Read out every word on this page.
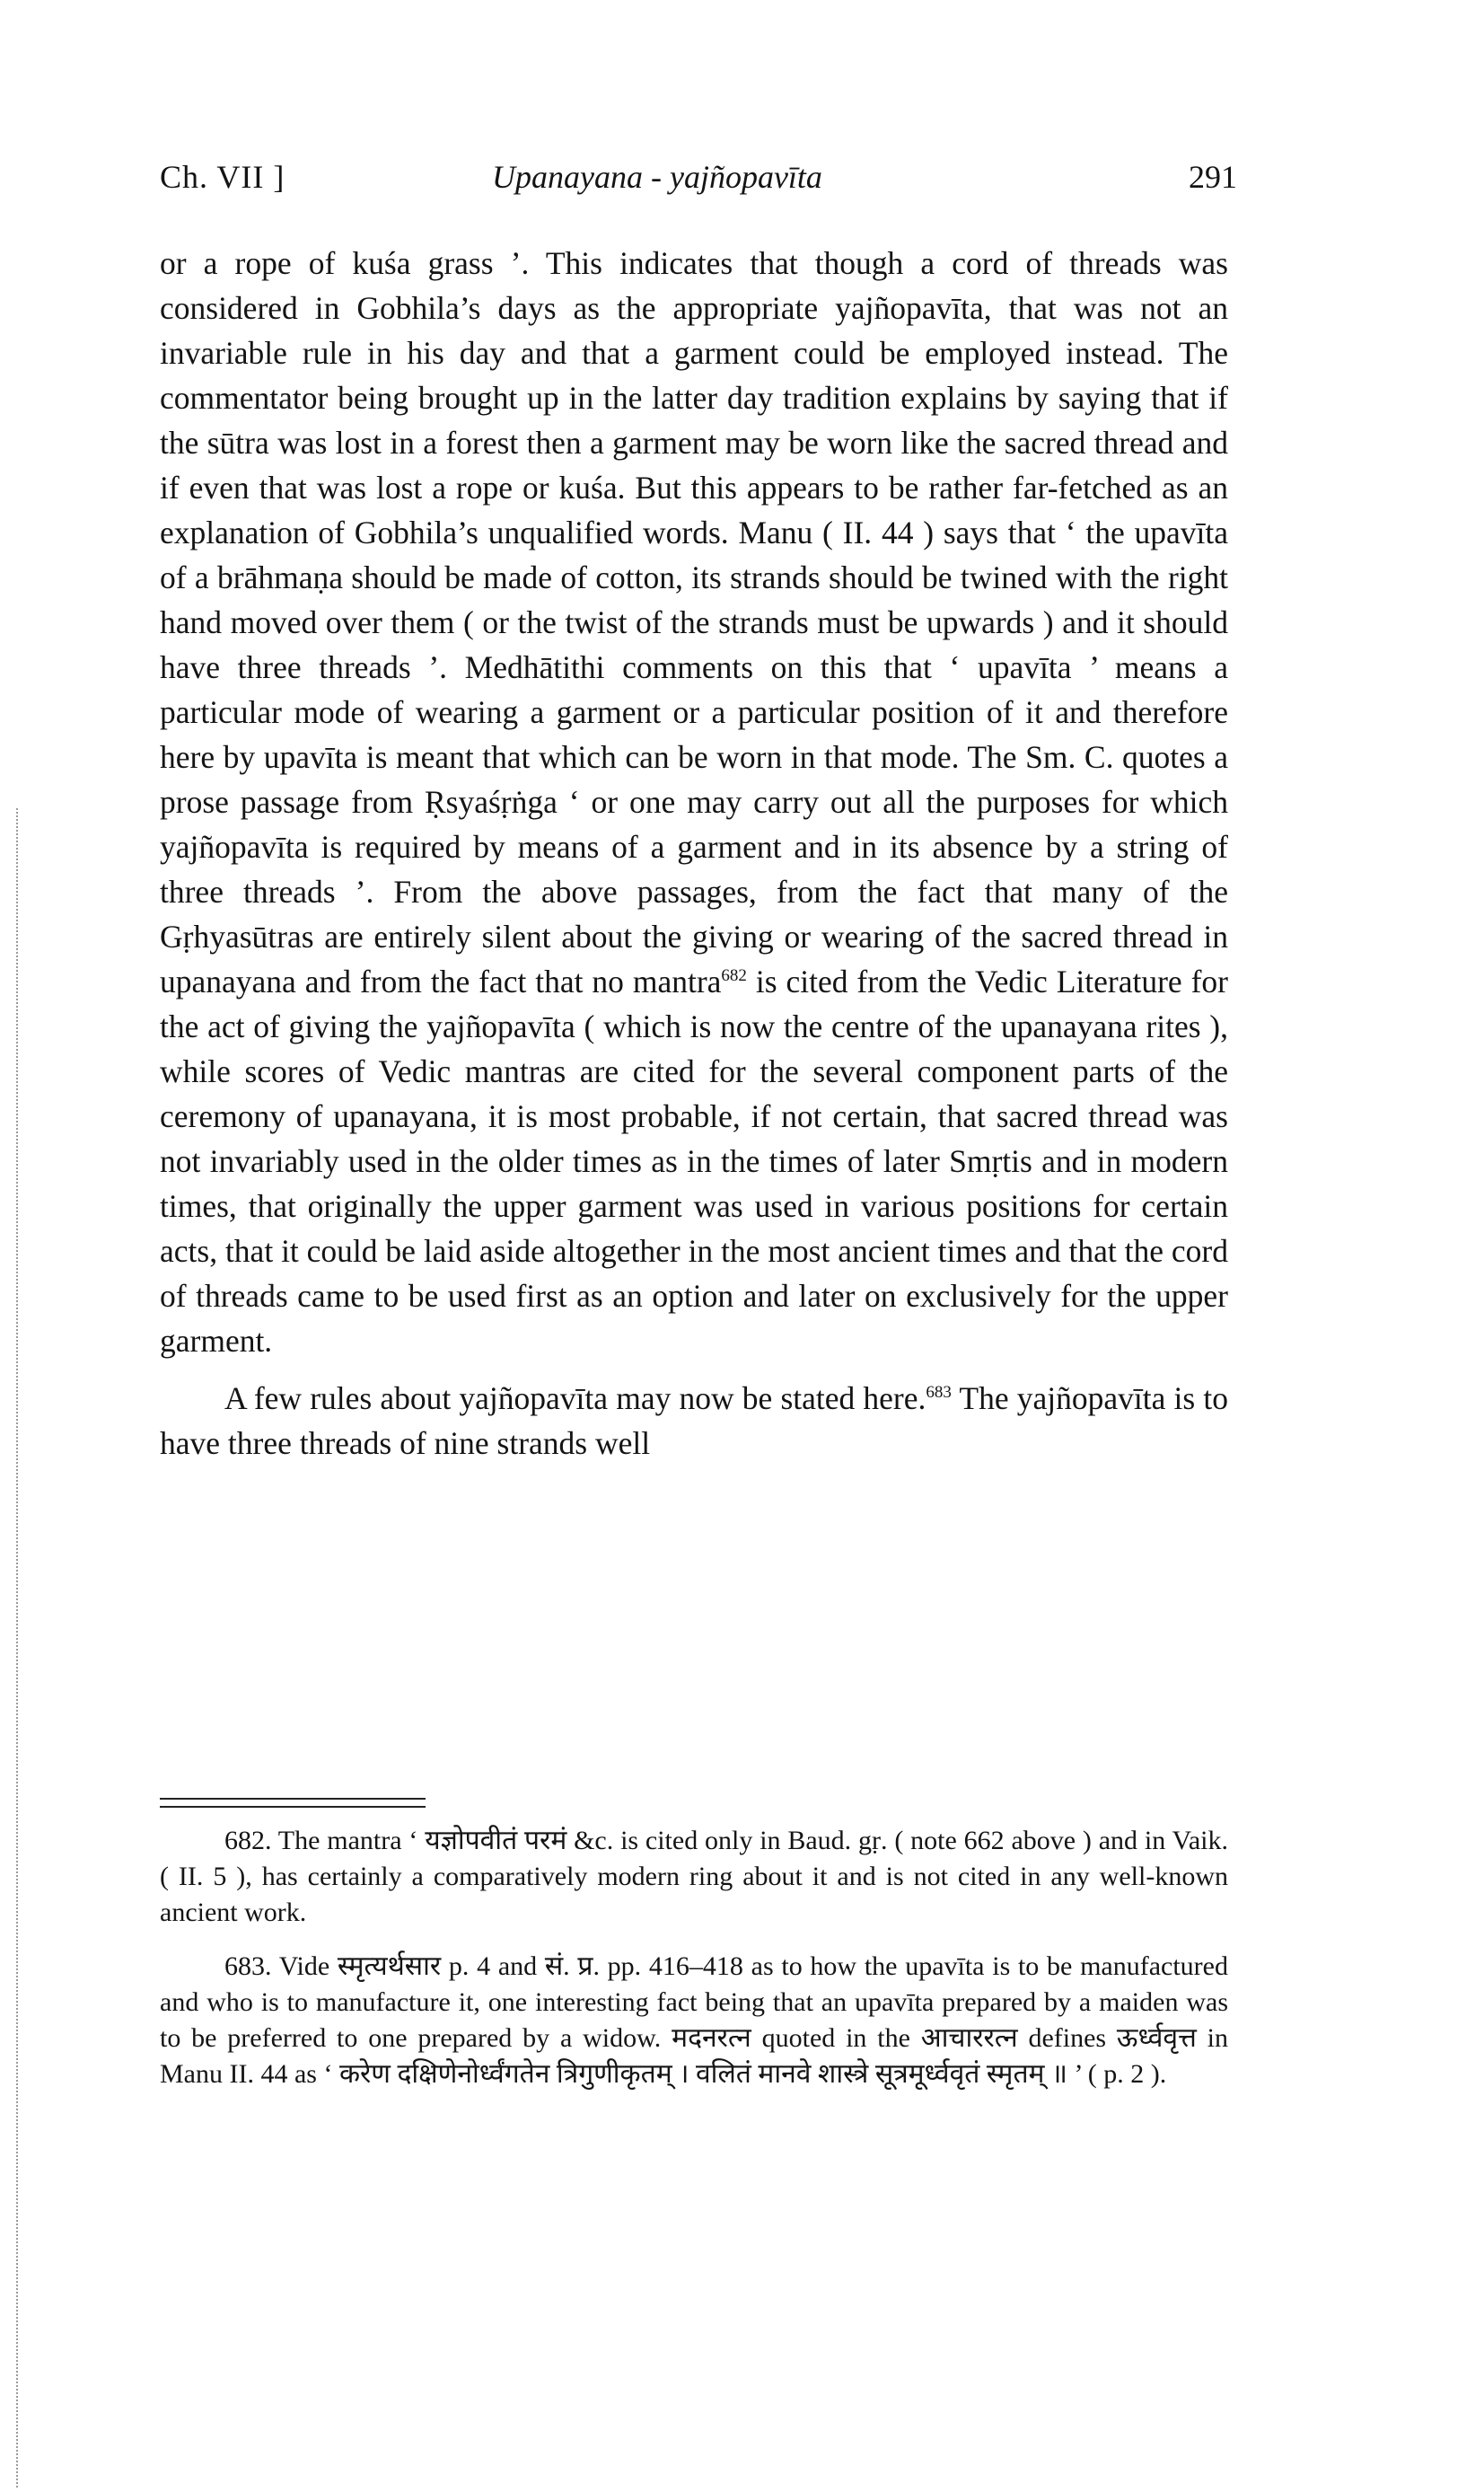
Ch. VII ]	Upanayana - yajñopavīta	291

or a rope of kuśa grass ’. This indicates that though a cord of threads was considered in Gobhila’s days as the appropriate yajñopavīta, that was not an invariable rule in his day and that a garment could be employed instead. The commentator being brought up in the latter day tradition explains by saying that if the sūtra was lost in a forest then a garment may be worn like the sacred thread and if even that was lost a rope or kuśa. But this appears to be rather far-fetched as an explanation of Gobhila’s unqualified words. Manu ( II. 44 ) says that ‘ the upavīta of a brāhmaṇa should be made of cotton, its strands should be twined with the right hand moved over them ( or the twist of the strands must be upwards ) and it should have three threads ’. Medhātithi comments on this that ‘ upavīta ’ means a particular mode of wearing a garment or a particular position of it and therefore here by upavīta is meant that which can be worn in that mode. The Sm. C. quotes a prose passage from Ṛsyaśṛṅga ‘ or one may carry out all the purposes for which yajñopavīta is required by means of a garment and in its absence by a string of three threads ’. From the above passages, from the fact that many of the Gṛhyasūtras are entirely silent about the giving or wearing of the sacred thread in upanayana and from the fact that no mantra$^{682}$ is cited from the Vedic Literature for the act of giving the yajñopavīta ( which is now the centre of the upanayana rites ), while scores of Vedic mantras are cited for the several component parts of the ceremony of upanayana, it is most probable, if not certain, that sacred thread was not invariably used in the older times as in the times of later Smṛtis and in modern times, that originally the upper garment was used in various positions for certain acts, that it could be laid aside altogether in the most ancient times and that the cord of threads came to be used first as an option and later on exclusively for the upper garment.

A few rules about yajñopavīta may now be stated here.$^{683}$ The yajñopavīta is to have three threads of nine strands well

682. The mantra ‘ यज्ञोपवीतं परमं &c. is cited only in Baud. gṛ. ( note 662 above ) and in Vaik. ( II. 5 ), has certainly a comparatively modern ring about it and is not cited in any well-known ancient work.

683. Vide स्मृत्यर्थसार p. 4 and सं. प्र. pp. 416–418 as to how the upavīta is to be manufactured and who is to manufacture it, one interesting fact being that an upavīta prepared by a maiden was to be preferred to one prepared by a widow. मदनरत्न quoted in the आचाररत्न defines ऊर्ध्ववृत्त in Manu II. 44 as ‘ करेण दक्षिणेनोर्ध्वंगतेन त्रिगुणीकृतम् । वलितं मानवे शास्त्रे सूत्रमूर्ध्ववृतं स्मृतम् ॥ ’ ( p. 2 ).
